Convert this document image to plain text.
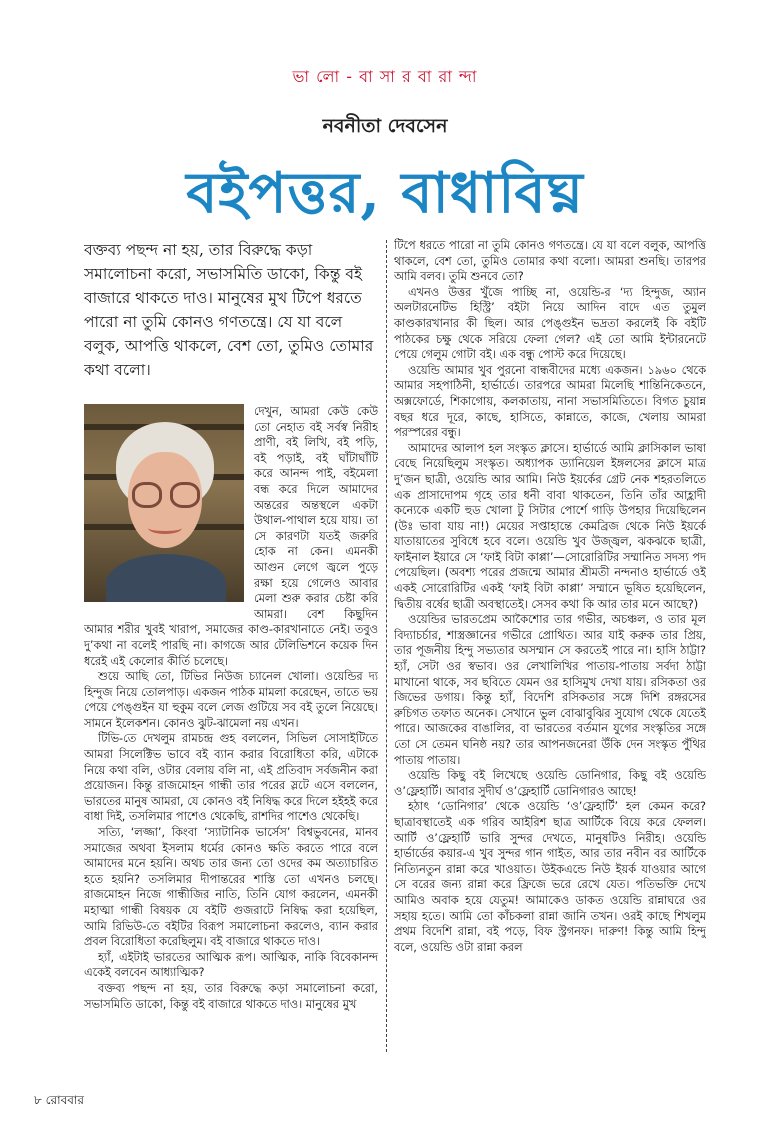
ভা লো - বা সা র বা রা ন্দা
নবনীতা দেবসেন
বইপত্তর, বাধাবিঘ্ন
বক্তব্য পছন্দ না হয়, তার বিরুদ্ধে কড়া সমালোচনা করো, সভাসমিতি ডাকো, কিন্তু বই বাজারে থাকতে দাও। মানুষের মুখ টিপে ধরতে পারো না তুমি কোনও গণতন্ত্রে। যে যা বলে বলুক, আপত্তি থাকলে, বেশ তো, তুমিও তোমার কথা বলো।

দেখুন, আমরা কেউ কেউ তো নেহাত বই সর্বস্ব নিরীহ প্রাণী, বই লিখি, বই পড়ি, বই পড়াই, বই ঘাঁটাঘাঁটি করে আনন্দ পাই, বইমেলা বন্ধ করে দিলে আমাদের অন্তরের অন্তস্থলে একটা উথাল-পাথাল হয়ে যায়। তা সে কারণটা যতই জরুরি হোক না কেন। এমনকী আগুন লেগে জ্বলে পুড়ে রক্ষা হয়ে গেলেও আবার মেলা শুরু করার চেষ্টা করি আমরা। বেশ কিছুদিন আমার শরীর খুবই খারাপ, সমাজের কাণ্ড-কারখানাতে নেই। তবুও দু’কথা না বলেই পারছি না। কাগজে আর টেলিভিশনে কয়েক দিন ধরেই এই কেলোর কীর্তি চলেছে।

শুয়ে আছি তো, টিভির নিউজ চ্যানেল খোলা। ওয়েন্ডির দ্য হিন্দুজ নিয়ে তোলপাড়। একজন পাঠক মামলা করেছেন, তাতে ভয় পেয়ে পেঙ্গুইন যা হুকুম বলে লেজ গুটিয়ে সব বই তুলে নিয়েছে। সামনে ইলেকশন। কোনও ঝুট-ঝামেলা নয় এখন।

টিভি-তে দেখলুম রামচন্দ্র গুহ বললেন, সিভিল সোসাইটিতে আমরা সিলেক্টিভ ভাবে বই ব্যান করার বিরোধিতা করি, এটাকে নিয়ে কথা বলি, ওটার বেলায় বলি না, এই প্রতিবাদ সর্বজনীন করা প্রয়োজন। কিন্তু রাজমোহন গান্ধী তার পরের স্লটে এসে বললেন, ভারতের মানুষ আমরা, যে কোনও বই নিষিদ্ধ করে দিলে হইহই করে বাধা দিই, তসলিমার পাশেও থেকেছি, রাশদির পাশেও থেকেছি।

সত্যি, ‘লজ্জা’, কিংবা ‘স্যাটানিক ভার্সেস’ বিশ্বভুবনের, মানব সমাজের অথবা ইসলাম ধর্মের কোনও ক্ষতি করতে পারে বলে আমাদের মনে হয়নি। অথচ তার জন্য তো ওদের কম অত্যাচারিত হতে হয়নি? তসলিমার দীপান্তরের শাস্তি তো এখনও চলছে। রাজমোহন নিজে গান্ধীজির নাতি, তিনি যোগ করলেন, এমনকী মহাত্মা গান্ধী বিষয়ক যে বইটি গুজরাটে নিষিদ্ধ করা হয়েছিল, আমি রিভিউ-তে বইটির বিরূপ সমালোচনা করলেও, ব্যান করার প্রবল বিরোধিতা করেছিলুম। বই বাজারে থাকতে দাও।

হ্যাঁ, এইটাই ভারতের আত্মিক রূপ। আত্মিক, নাকি বিবেকানন্দ একেই বলবেন আধ্যাত্মিক?

বক্তব্য পছন্দ না হয়, তার বিরুদ্ধে কড়া সমালোচনা করো, সভাসমিতি ডাকো, কিন্তু বই বাজারে থাকতে দাও। মানুষের মুখ

টিপে ধরতে পারো না তুমি কোনও গণতন্ত্রে। যে যা বলে বলুক, আপত্তি থাকলে, বেশ তো, তুমিও তোমার কথা বলো। আমরা শুনছি। তারপর আমি বলব। তুমি শুনবে তো?

এখনও উত্তর খুঁজে পাচ্ছি না, ওয়েন্ডি-র ‘দ্য হিন্দুজ, অ্যান অলটারনেটিভ হিস্ট্রি’ বইটা নিয়ে আদিন বাদে এত তুমুল কাণ্ডকারখানার কী ছিল। আর পেঙ্গুইন ভদ্রতা করলেই কি বইটি পাঠকের চক্ষু থেকে সরিয়ে ফেলা গেল? এই তো আমি ইন্টারনেটে পেয়ে গেলুম গোটা বই। এক বন্ধু পোস্ট করে দিয়েছে।

ওয়েন্ডি আমার খুব পুরনো বান্ধবীদের মধ্যে একজন। ১৯৬০ থেকে আমার সহপাঠিনী, হার্ভার্ডে। তারপরে আমরা মিলেছি শান্তিনিকেতনে, অক্সফোর্ডে, শিকাগোয়, কলকাতায়, নানা সভাসমিতিতে। বিগত চুয়ান্ন বছর ধরে দূরে, কাছে, হাসিতে, কান্নাতে, কাজে, খেলায় আমরা পরস্পরের বন্ধু।

আমাদের আলাপ হল সংস্কৃত ক্লাসে। হার্ভার্ডে আমি ক্লাসিকাল ভাষা বেছে নিয়েছিলুম সংস্কৃত। অধ্যাপক ড্যানিয়েল ইঙ্গলসের ক্লাসে মাত্র দু’জন ছাত্রী, ওয়েন্ডি আর আমি। নিউ ইয়র্কের গ্রেট নেক শহরতলিতে এক প্রাসাদোপম গৃহে তার ধনী বাবা থাকতেন, তিনি তাঁর আহ্লাদী কন্যেকে একটি হুড খোলা টু সিটার পোর্শে গাড়ি উপহার দিয়েছিলেন (উঃ ভাবা যায় না!) মেয়ের সপ্তাহান্তে কেমব্রিজ থেকে নিউ ইয়র্কে যাতায়াতের সুবিধে হবে বলে। ওয়েন্ডি খুব উজ্জ্বল, ঝকঝকে ছাত্রী, ফাইনাল ইয়ারে সে ‘ফাই বিটা কাপ্পা’—সোরোরিটির সম্মানিত সদস্য পদ পেয়েছিল। (অবশ্য পরের প্রজন্মে আমার শ্রীমতী নন্দনাও হার্ভার্ডে ওই একই সোরোরিটির একই ‘ফাই বিটা কাপ্পা’ সম্মানে ভূষিত হয়েছিলেন, দ্বিতীয় বর্ষের ছাত্রী অবস্থাতেই। সেসব কথা কি আর তার মনে আছে?)

ওয়েন্ডির ভারতপ্রেম আকৈশোর তার গভীর, অচঞ্চল, ও তার মূল বিদ্যাচর্চার, শাস্ত্রজ্ঞানের গভীরে প্রোথিত। আর যাই করুক তার প্রিয়, তার পূজনীয় হিন্দু সভ্যতার অসম্মান সে করতেই পারে না। হাসি ঠাট্টা? হ্যাঁ, সেটা ওর স্বভাব। ওর লেখালিখির পাতায়-পাতায় সর্বদা ঠাট্টা মাখানো থাকে, সব ছবিতে যেমন ওর হাসিমুখ দেখা যায়। রসিকতা ওর জিভের ডগায়। কিন্তু হ্যাঁ, বিদেশি রসিকতার সঙ্গে দিশি রঙ্গরসের রুচিগত তফাত অনেক। সেখানে ভুল বোঝাবুঝির সুযোগ থেকে যেতেই পারে। আজকের বাঙালির, বা ভারতের বর্তমান যুগের সংস্কৃতির সঙ্গে তো সে তেমন ঘনিষ্ঠ নয়? তার আপনজনেরা উঁকি দেন সংস্কৃত পুঁথির পাতায় পাতায়।

ওয়েন্ডি কিছু বই লিখেছে ওয়েন্ডি ডোনিগার, কিছু বই ওয়েন্ডি ও’ফ্লেহার্টি। আবার সুদীর্ঘ ও’ফ্লেহার্টি ডোনিগারও আছে!

হঠাৎ ‘ডোনিগার’ থেকে ওয়েন্ডি ‘ও’ফ্লেহার্টি’ হল কেমন করে? ছাত্রাবস্থাতেই এক গরিব আইরিশ ছাত্র আর্টিকে বিয়ে করে ফেলল। আর্টি ও’ফ্লেহার্টি ভারি সুন্দর দেখতে, মানুষটিও নিরীহ। ওয়েন্ডি হার্ভার্ডের কয়ার-এ খুব সুন্দর গান গাইত, আর তার নবীন বর আর্টিকে নিত্যিনতুন রান্না করে খাওয়াত। উইকএন্ডে নিউ ইয়র্ক যাওয়ার আগে সে বরের জন্য রান্না করে ফ্রিজে ভরে রেখে যেত। পতিভক্তি দেখে আমিও অবাক হয়ে যেতুম! আমাকেও ডাকত ওয়েন্ডি রান্নাঘরে ওর সহায় হতে। আমি তো কাঁচকলা রান্না জানি তখন। ওরই কাছে শিখলুম প্রথম বিদেশি রান্না, বই পড়ে, বিফ স্ট্রগনফ। দারুণ! কিন্তু আমি হিন্দু বলে, ওয়েন্ডি ওটা রান্না করল

৮ রোববার
